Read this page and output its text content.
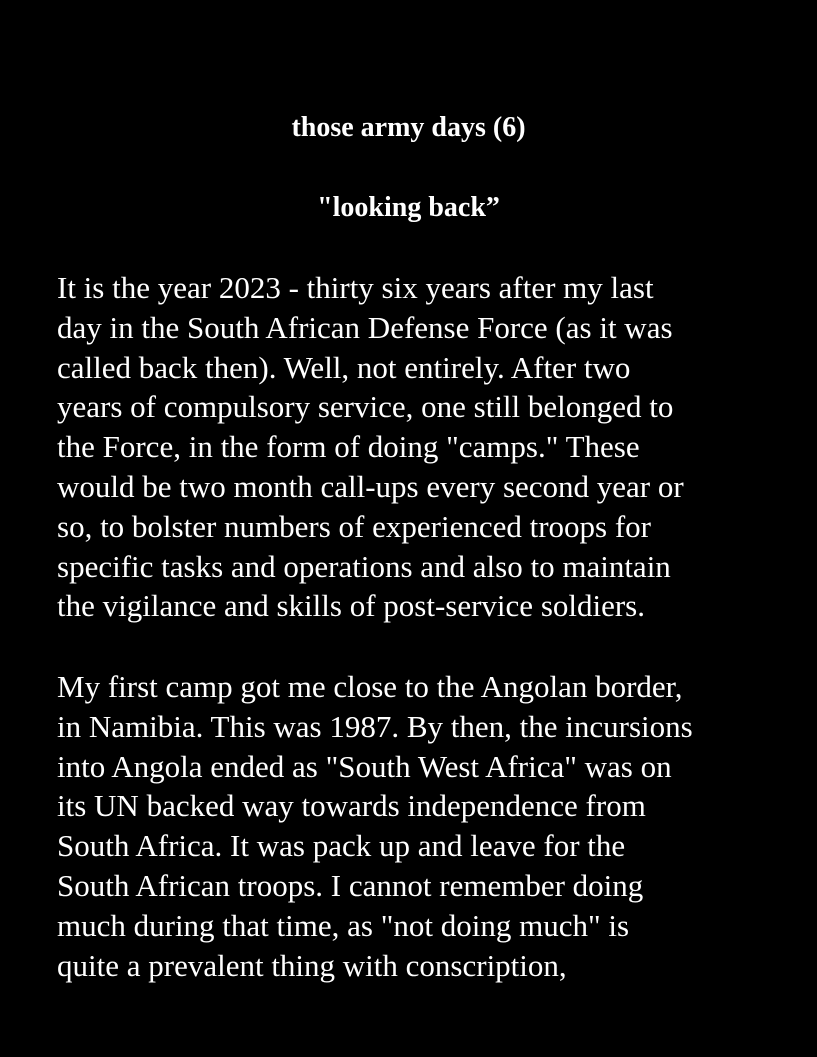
those army days (6)
"looking back”

It is the year 2023 - thirty six years after my last
day in the South African Defense Force (as it was
called back then). Well, not entirely. After two
years of compulsory service, one still belonged to
the Force, in the form of doing "camps." These
would be two month call-ups every second year or
so, to bolster numbers of experienced troops for
specific tasks and operations and also to maintain
the vigilance and skills of post-service soldiers.

My first camp got me close to the Angolan border,
in Namibia. This was 1987. By then, the incursions
into Angola ended as "South West Africa" was on
its UN backed way towards independence from
South Africa. It was pack up and leave for the
South African troops. I cannot remember doing
much during that time, as "not doing much" is
quite a prevalent thing with conscription,
